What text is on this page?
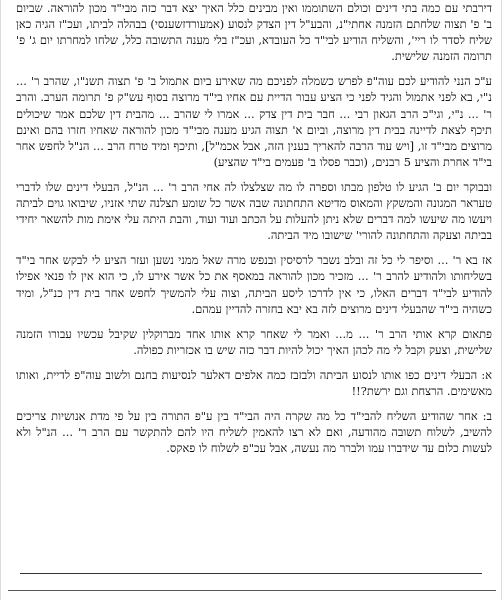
דירבתי עם כמה בתי דינים וכולם השתוממו ואין מבינים כלל האיך יצא דבר כזה מבי"ד מכון להוראה. שביום ב' פ' תצוה שלחתם הזמנה אחתי"נ, והבע"ל דין הצדק לנסוע (אמעורדזשענסי) בבהלה לביתו, ועכ"ז הגיה כאן שליח לסדר לו ריי', והשליח הודיע לבי"ד כל העובדא, ועכ"ז בלי מענה התשובה כלל, שלחו למחרתו יום ג' פ' תרומה הזמנה שלישית.

ע"כ הנני להודיע לכם עוה"פ לפרש כשמלה לפניכם מה שאירע ביום אתמול ב' פ' תצוה תשנ"ו, שהרב ר' ... נ"י, בא לפני אתמול והגיד לפני כי הציע עבור הדיית עם אחיו בי"ד מרוצה בסוף עש"ק פ' תרומה הערב. והרב ר' ... נ"י, וגי"כ הרב הגאון רבי ... חבר בית דין צדק ... אמרו לי שהרב ... מהבית דין שלכם אמר שיכולים תיכף לצאת לדיינה בבית דין מרוצה, וביום א' תצוה הגיע מענה מבי"ד מכון להוראה שאחיו חזרו בהם ואינם מרוצים מבי"ד זו, [ויש עוד הרבה להאריך בענין הזה, אבל אכמ"ל], ותיכף ומיד טרח הרב ... הנ"ל לחפש אחר בי"ד אחרת והציע 5 רבנים, (וכבר פסלו ב' פעמים בי"ד שהציע)

ובבוקר יום ב' הגיע לו טלפון מבתו וספרה לו מה שצלצלו לה אחי הרב ר' ... הנ"ל, הבעלי דינים שלו לדברי טעראר המגונה והמשקץ והמאוס מדיטא התחתונה שבה אשר כל שומע תצלנה שתי אזניו, שיבואו גוים לביתה ויעשו מה שיעשו למה דברים שלא ניתן להעלות על הכתב ועוד ועוד, והבת היתה עלי אימת מות להשאר יחידי בביתה וצעקה והתחתונה להורי' שישובו מיד הביתה.

אז בא ר' ... וסיפר לי כל זה ובלב נשבר לרסיסין ובנפש מרה שאל ממני נשען ועזר הציע לי לבקש אחר בי"ד בשליחותו ולהודיע להרב ר' ... מזכיר מכון להוראה במאסף את כל אשר אירע לו, כי הוא אין לו פנאי אפילו להודיע לבי"ד דברים האלו, כי אין לדרכו ליסע הביתה, וצוה עלי להמשיך לחפש אחר בית דין כנ"ל, ומיד כשהיה בי"ד שהבעלי דינים מרוצים לזה בא יבא בחזרה להדיין עמהם.

פתאום קרא אותי הרב ר' ... מ... ואמר לי שאחר קרא אותו אחד מברוקלין שקיבל עכשיו עבורו הזמנה שלישית, וצעק וקבל לי מה לכהן האיך יכול להיות דבר כזה שיש בו אכזריות כפולה.

א: הבעלי דינים כפו אותו לנסוע הביתה ולבזבז כמה אלפים דאלער לנסיעות בחנם ולשוב עוה"פ לדיית, ואותו מאשימים. הרצחת וגם ירשת?!!

ב: אחר שהודיע השליח להבי"ד כל מה שקרה היה הבי"ד בין ע"פ התורה בין על פי מדת אנושיות צריכים להשיב, לשלוח תשובה מהודעה, ואם לא רצו להאמין לשליח היו להם להתקשר עם הרב ר' ... הנ"ל ולא לעשות כלום עד שידברו עמו ולברר מה נעשה, אבל עכ"פ לשלוח לו פאקס.
